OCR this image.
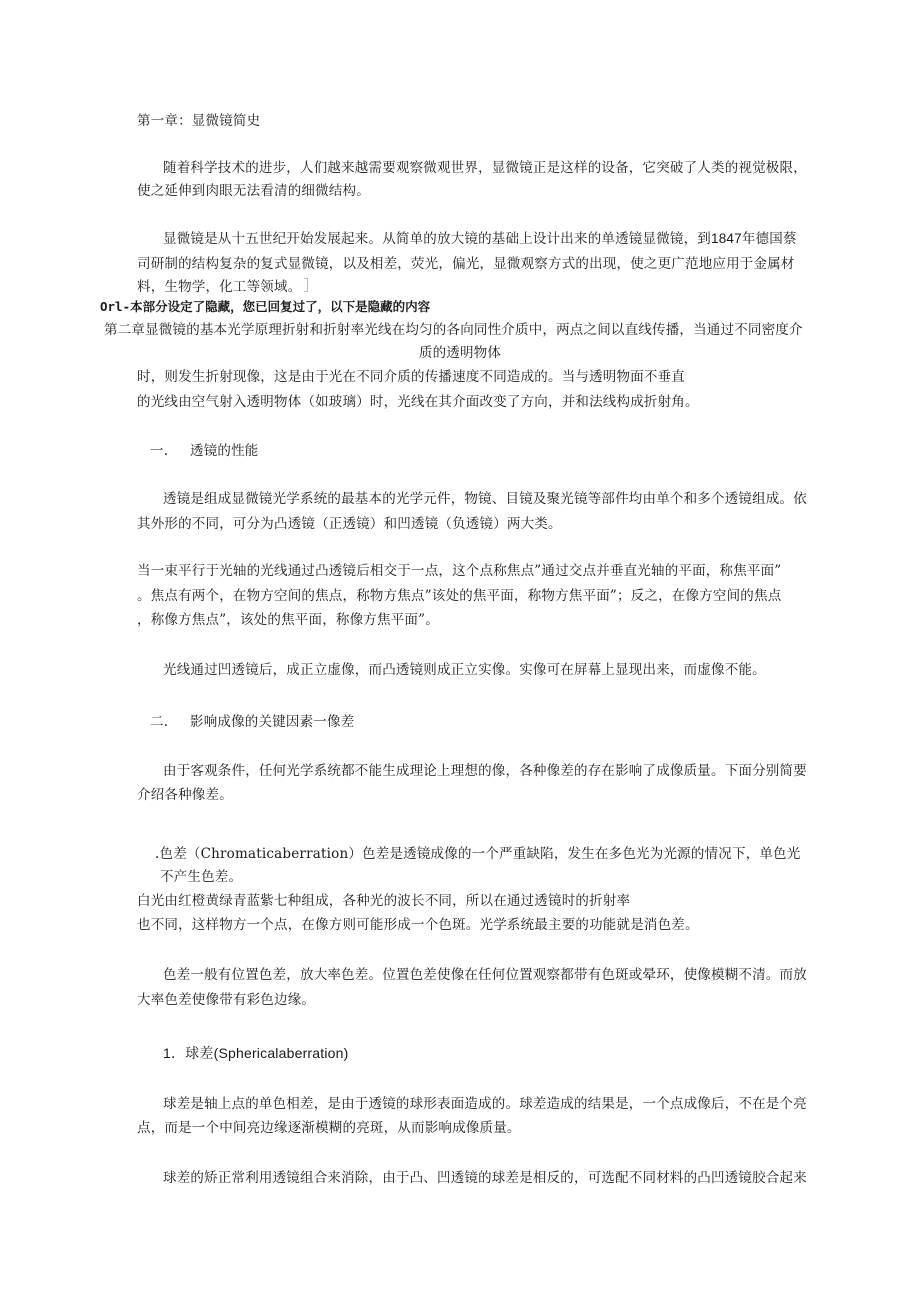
第一章：显微镜简史
随着科学技术的进步，人们越来越需要观察微观世界，显微镜正是这样的设备，它突破了人类的视觉极限，
使之延伸到肉眼无法看清的细微结构。
显微镜是从十五世纪开始发展起来。从简单的放大镜的基础上设计出来的单透镜显微镜，到1847年德国蔡
司研制的结构复杂的复式显微镜，以及相差，荧光，偏光，显微观察方式的出现，使之更广范地应用于金属材
料，生物学，化工等领域。
Orl-本部分设定了隐藏，您已回复过了，以下是隐藏的内容
第二章显微镜的基本光学原理折射和折射率光线在均匀的各向同性介质中，两点之间以直线传播，当通过不同密度介
质的透明物体
时，则发生折射现像，这是由于光在不同介质的传播速度不同造成的。当与透明物面不垂直
的光线由空气射入透明物体（如玻璃）时，光线在其介面改变了方向，并和法线构成折射角。
一. 透镜的性能
透镜是组成显微镜光学系统的最基本的光学元件，物镜、目镜及聚光镜等部件均由单个和多个透镜组成。依
其外形的不同，可分为凸透镜（正透镜）和凹透镜（负透镜）两大类。
当一束平行于光轴的光线通过凸透镜后相交于一点，这个点称焦点”通过交点并垂直光轴的平面，称焦平面”
。焦点有两个，在物方空间的焦点，称物方焦点”该处的焦平面，称物方焦平面”；反之，在像方空间的焦点
，称像方焦点”，该处的焦平面，称像方焦平面”。
光线通过凹透镜后，成正立虚像，而凸透镜则成正立实像。实像可在屏幕上显现出来，而虚像不能。
二. 影响成像的关键因素一像差
由于客观条件，任何光学系统都不能生成理论上理想的像，各种像差的存在影响了成像质量。下面分别简要
介绍各种像差。
.色差（Chromaticaberration）色差是透镜成像的一个严重缺陷，发生在多色光为光源的情况下，单色光
不产生色差。
白光由红橙黄绿青蓝紫七种组成，各种光的波长不同，所以在通过透镜时的折射率
也不同，这样物方一个点，在像方则可能形成一个色斑。光学系统最主要的功能就是消色差。
色差一般有位置色差，放大率色差。位置色差使像在任何位置观察都带有色斑或晕环，使像模糊不清。而放
大率色差使像带有彩色边缘。
1．球差(Sphericalaberration)
球差是轴上点的单色相差，是由于透镜的球形表面造成的。球差造成的结果是，一个点成像后，不在是个亮
点，而是一个中间亮边缘逐渐模糊的亮斑，从而影响成像质量。
球差的矫正常利用透镜组合来消除，由于凸、凹透镜的球差是相反的，可选配不同材料的凸凹透镜胶合起来
